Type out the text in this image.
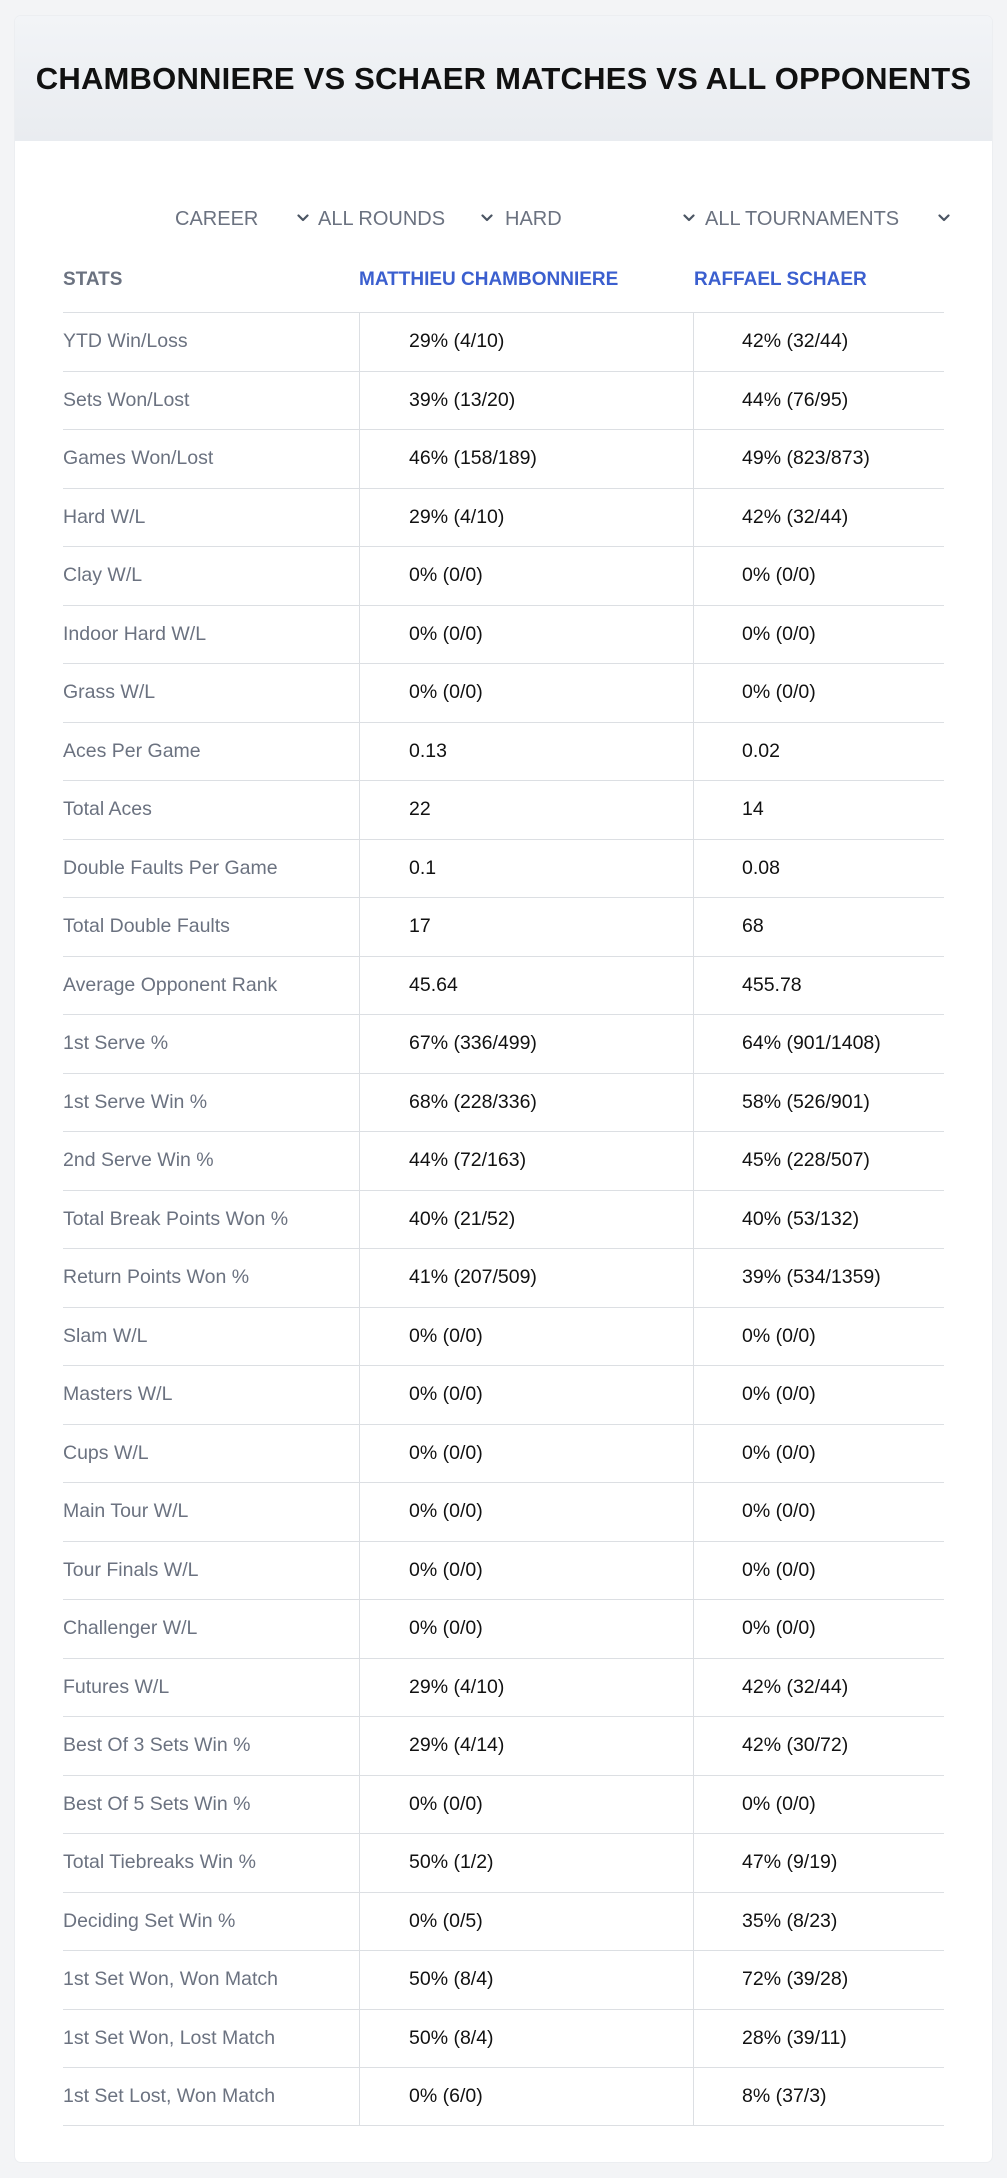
CHAMBONNIERE VS SCHAER MATCHES VS ALL OPPONENTS
CAREER	ALL ROUNDS	HARD	ALL TOURNAMENTS
STATS	MATTHIEU CHAMBONNIERE	RAFFAEL SCHAER
YTD Win/Loss	29% (4/10)	42% (32/44)
Sets Won/Lost	39% (13/20)	44% (76/95)
Games Won/Lost	46% (158/189)	49% (823/873)
Hard W/L	29% (4/10)	42% (32/44)
Clay W/L	0% (0/0)	0% (0/0)
Indoor Hard W/L	0% (0/0)	0% (0/0)
Grass W/L	0% (0/0)	0% (0/0)
Aces Per Game	0.13	0.02
Total Aces	22	14
Double Faults Per Game	0.1	0.08
Total Double Faults	17	68
Average Opponent Rank	45.64	455.78
1st Serve %	67% (336/499)	64% (901/1408)
1st Serve Win %	68% (228/336)	58% (526/901)
2nd Serve Win %	44% (72/163)	45% (228/507)
Total Break Points Won %	40% (21/52)	40% (53/132)
Return Points Won %	41% (207/509)	39% (534/1359)
Slam W/L	0% (0/0)	0% (0/0)
Masters W/L	0% (0/0)	0% (0/0)
Cups W/L	0% (0/0)	0% (0/0)
Main Tour W/L	0% (0/0)	0% (0/0)
Tour Finals W/L	0% (0/0)	0% (0/0)
Challenger W/L	0% (0/0)	0% (0/0)
Futures W/L	29% (4/10)	42% (32/44)
Best Of 3 Sets Win %	29% (4/14)	42% (30/72)
Best Of 5 Sets Win %	0% (0/0)	0% (0/0)
Total Tiebreaks Win %	50% (1/2)	47% (9/19)
Deciding Set Win %	0% (0/5)	35% (8/23)
1st Set Won, Won Match	50% (8/4)	72% (39/28)
1st Set Won, Lost Match	50% (8/4)	28% (39/11)
1st Set Lost, Won Match	0% (6/0)	8% (37/3)
